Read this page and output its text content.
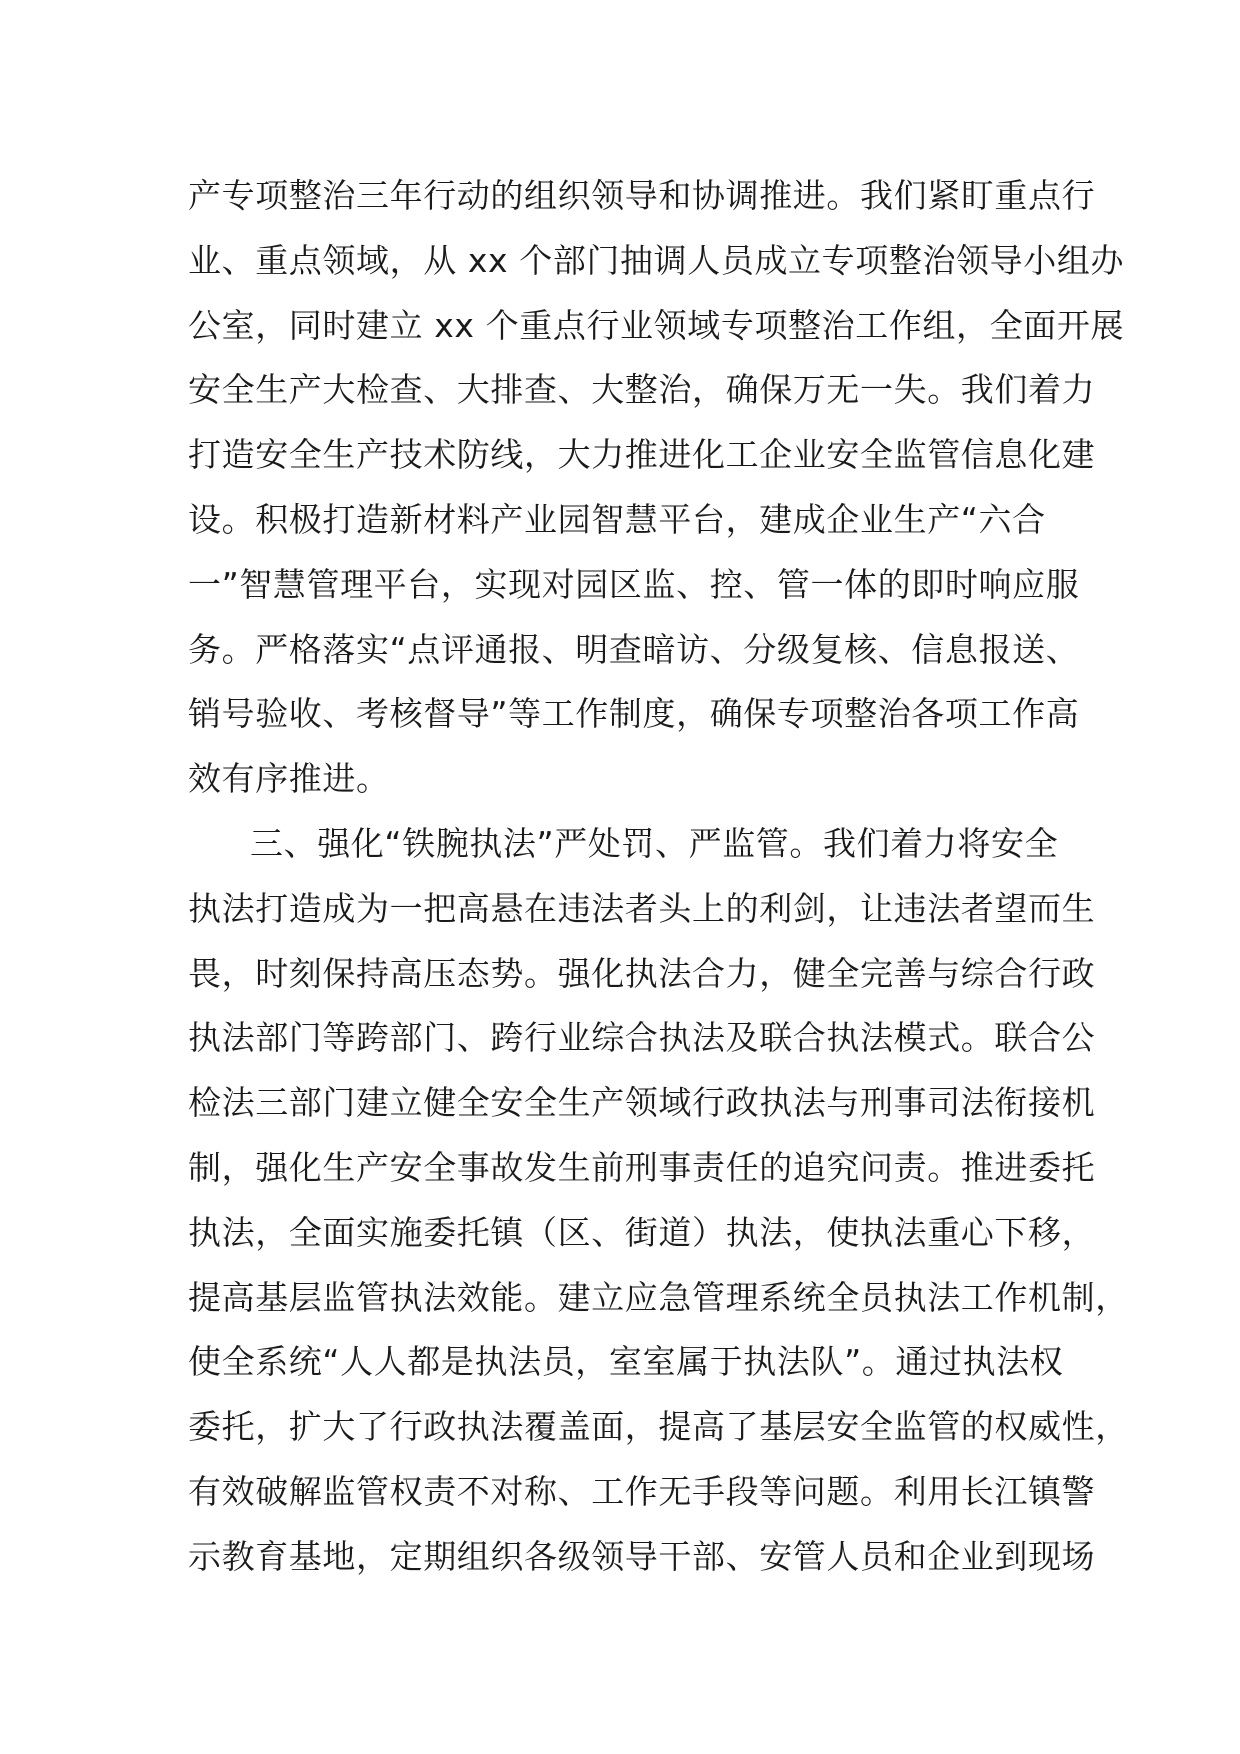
产专项整治三年行动的组织领导和协调推进。我们紧盯重点行
业、重点领域，从 xx 个部门抽调人员成立专项整治领导小组办
公室，同时建立 xx 个重点行业领域专项整治工作组，全面开展
安全生产大检查、大排查、大整治，确保万无一失。我们着力
打造安全生产技术防线，大力推进化工企业安全监管信息化建
设。积极打造新材料产业园智慧平台，建成企业生产“六合
一”智慧管理平台，实现对园区监、控、管一体的即时响应服
务。严格落实“点评通报、明查暗访、分级复核、信息报送、
销号验收、考核督导”等工作制度，确保专项整治各项工作高
效有序推进。
三、强化“铁腕执法”严处罚、严监管。我们着力将安全
执法打造成为一把高悬在违法者头上的利剑，让违法者望而生
畏，时刻保持高压态势。强化执法合力，健全完善与综合行政
执法部门等跨部门、跨行业综合执法及联合执法模式。联合公
检法三部门建立健全安全生产领域行政执法与刑事司法衔接机
制，强化生产安全事故发生前刑事责任的追究问责。推进委托
执法，全面实施委托镇（区、街道）执法，使执法重心下移，
提高基层监管执法效能。建立应急管理系统全员执法工作机制，
使全系统“人人都是执法员，室室属于执法队”。通过执法权
委托，扩大了行政执法覆盖面，提高了基层安全监管的权威性，
有效破解监管权责不对称、工作无手段等问题。利用长江镇警
示教育基地，定期组织各级领导干部、安管人员和企业到现场
